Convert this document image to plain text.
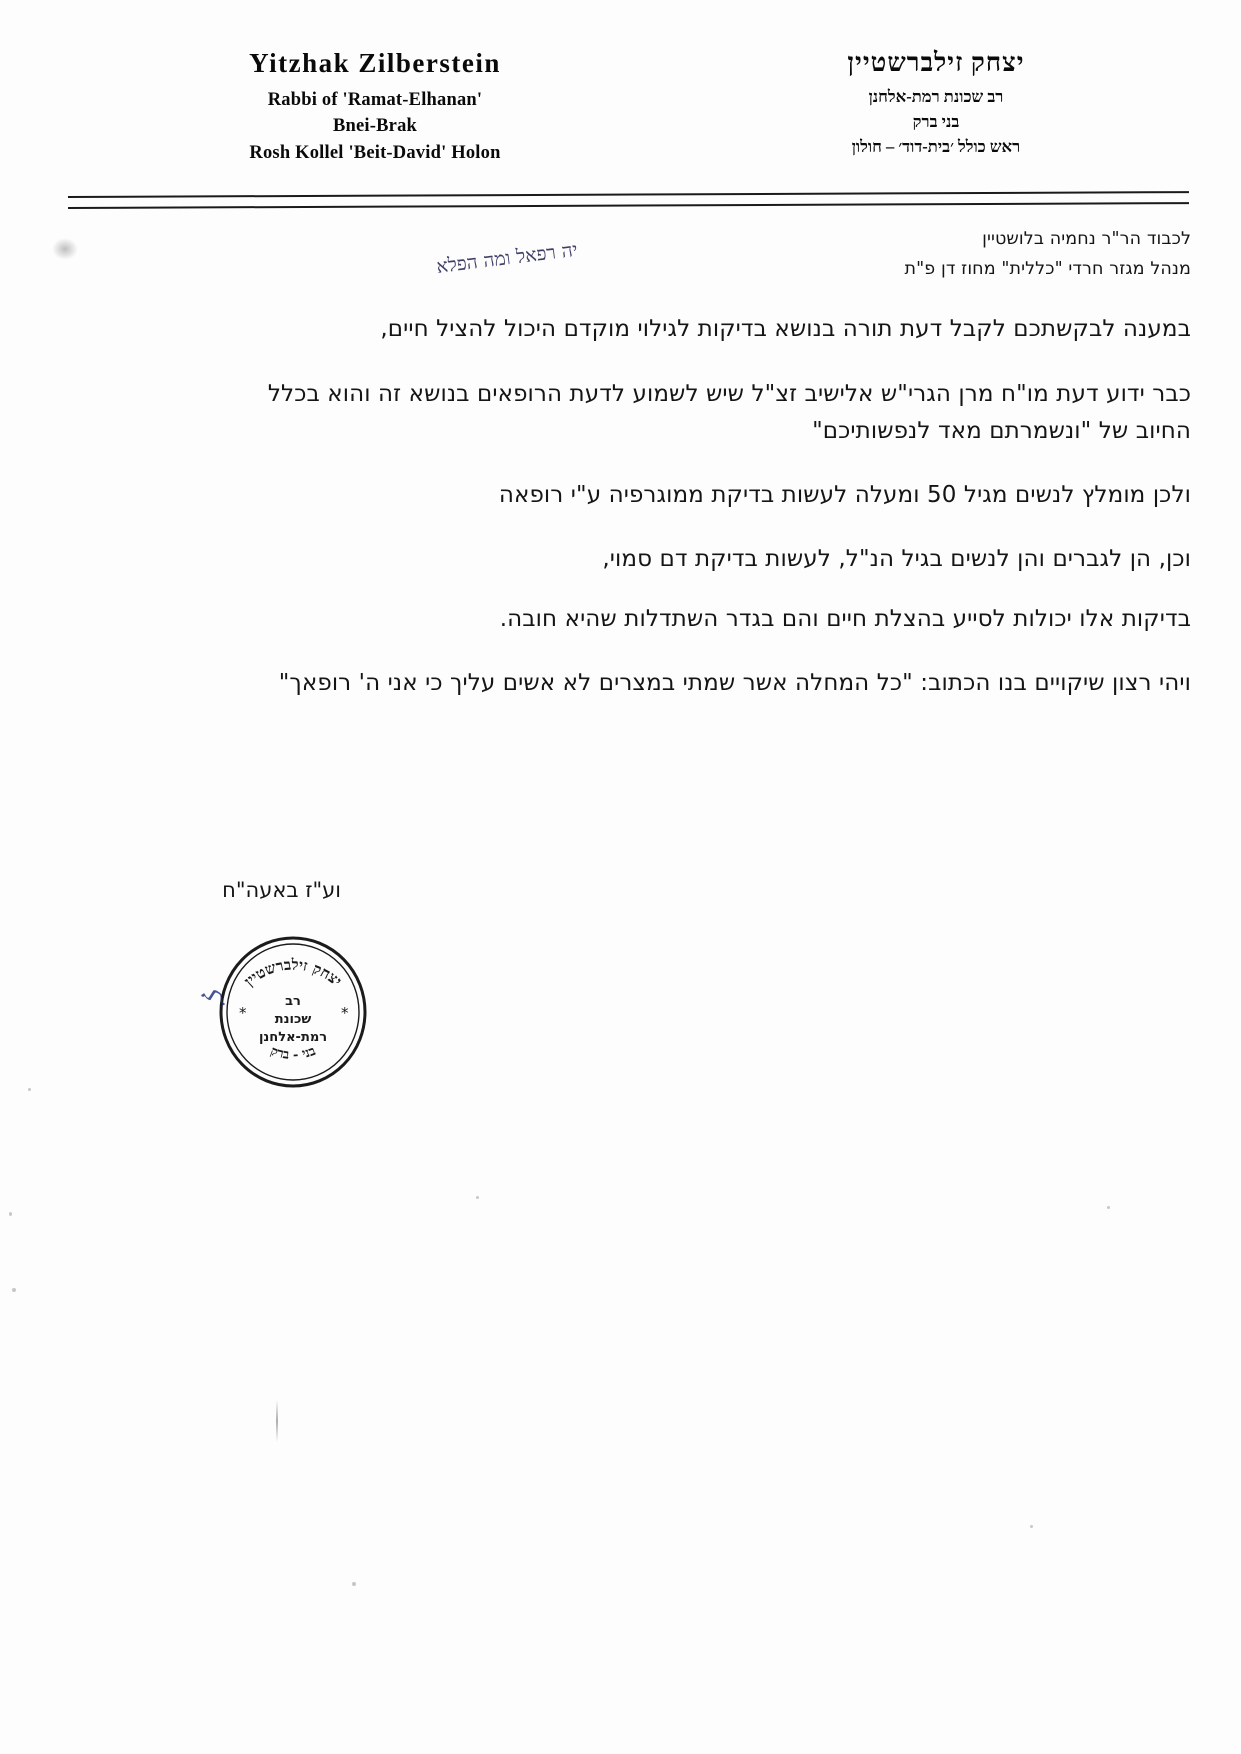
Yitzhak Zilberstein
Rabbi of 'Ramat-Elhanan'
Bnei-Brak
Rosh Kollel 'Beit-David' Holon
יצחק זילברשטיין
רב שכונת רמת-אלחנן
בני ברק
ראש כולל ׳בית-דוד׳ – חולון
לכבוד הר"ר נחמיה בלושטיין
מנהל מגזר חרדי "כללית" מחוז דן פ"ת

במענה לבקשתכם לקבל דעת תורה בנושא בדיקות לגילוי מוקדם היכול להציל חיים,

כבר ידוע דעת מו"ח מרן הגרי"ש אלישיב זצ"ל שיש לשמוע לדעת הרופאים בנושא זה והוא בכלל החיוב של "ונשמרתם מאד לנפשותיכם"

ולכן מומלץ לנשים מגיל 50 ומעלה לעשות בדיקת ממוגרפיה ע"י רופאה

וכן, הן לגברים והן לנשים בגיל הנ"ל, לעשות בדיקת דם סמוי,

בדיקות אלו יכולות לסייע בהצלת חיים והם בגדר השתדלות שהיא חובה.

ויהי רצון שיקויים בנו הכתוב: "כל המחלה אשר שמתי במצרים לא אשים עליך כי אני ה' רופאך"

וע"ז באעה"ח
יה רפאל ומה הפלא
יצחק זילברשטיין
בני - ברק
רב
שכונת
רמת-אלחנן
*	*
ל
